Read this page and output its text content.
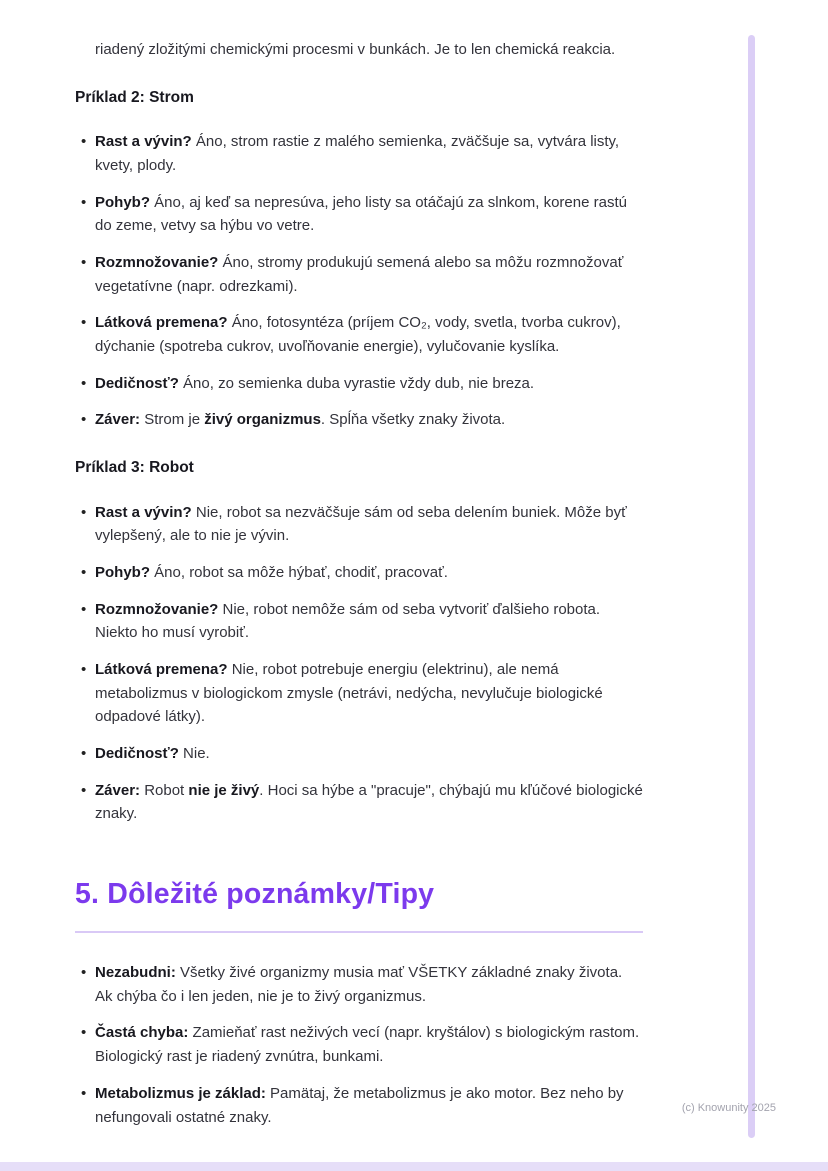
riadený zložitými chemickými procesmi v bunkách. Je to len chemická reakcia.

Príklad 2: Strom
• Rast a vývin? Áno, strom rastie z malého semienka, zväčšuje sa, vytvára listy, kvety, plody.
• Pohyb? Áno, aj keď sa nepresúva, jeho listy sa otáčajú za slnkom, korene rastú do zeme, vetvy sa hýbu vo vetre.
• Rozmnožovanie? Áno, stromy produkujú semená alebo sa môžu rozmnožovať vegetatívne (napr. odrezkami).
• Látková premena? Áno, fotosyntéza (príjem CO₂, vody, svetla, tvorba cukrov), dýchanie (spotreba cukrov, uvoľňovanie energie), vylučovanie kyslíka.
• Dedičnosť? Áno, zo semienka duba vyrastie vždy dub, nie breza.
• Záver: Strom je živý organizmus. Spĺňa všetky znaky života.
Príklad 3: Robot
• Rast a vývin? Nie, robot sa nezväčšuje sám od seba delením buniek. Môže byť vylepšený, ale to nie je vývin.
• Pohyb? Áno, robot sa môže hýbať, chodiť, pracovať.
• Rozmnožovanie? Nie, robot nemôže sám od seba vytvoriť ďalšieho robota. Niekto ho musí vyrobiť.
• Látková premena? Nie, robot potrebuje energiu (elektrinu), ale nemá metabolizmus v biologickom zmysle (netrávi, nedýcha, nevylučuje biologické odpadové látky).
• Dedičnosť? Nie.
• Záver: Robot nie je živý. Hoci sa hýbe a "pracuje", chýbajú mu kľúčové biologické znaky.
5. Dôležité poznámky/Tipy
• Nezabudni: Všetky živé organizmy musia mať VŠETKY základné znaky života. Ak chýba čo i len jeden, nie je to živý organizmus.
• Častá chyba: Zamieňať rast neživých vecí (napr. kryštálov) s biologickým rastom. Biologický rast je riadený zvnútra, bunkami.
• Metabolizmus je základ: Pamätaj, že metabolizmus je ako motor. Bez neho by nefungovali ostatné znaky.
(c) Knowunity 2025
